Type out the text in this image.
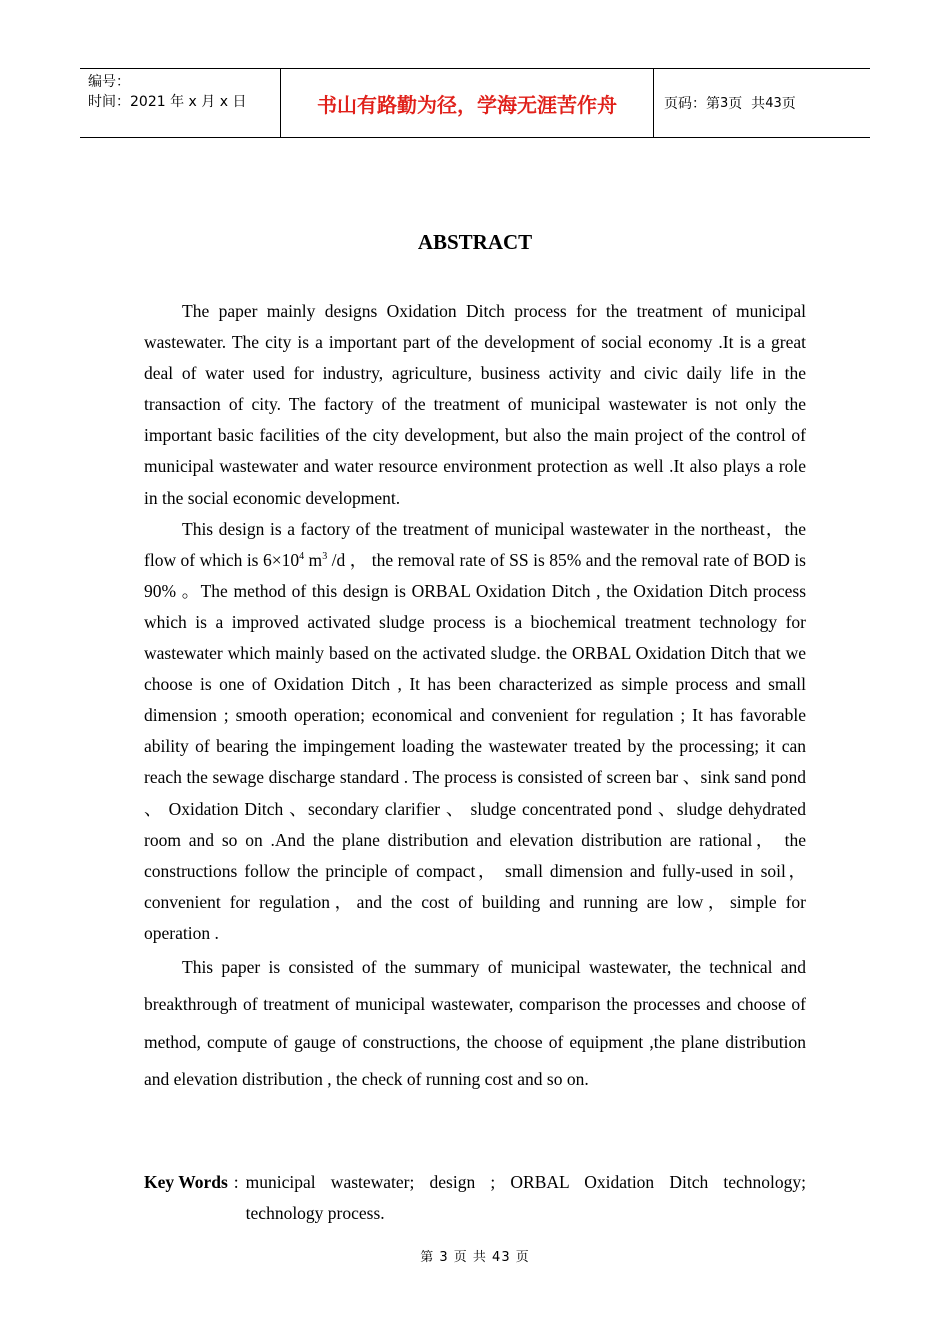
编号：
时间：2021 年 x 月 x 日	书山有路勤为径，学海无涯苦作舟	页码：第 3 页  共 43 页
ABSTRACT

The paper mainly designs Oxidation Ditch process for the treatment of municipal wastewater. The city is a important part of the development of social economy .It is a great deal of water used for industry, agriculture, business activity and civic daily life in the transaction of city. The factory of the treatment of municipal wastewater is not only the important basic facilities of the city development, but also the main project of the control of municipal wastewater and water resource environment protection as well .It also plays a role in the social economic development.

This design is a factory of the treatment of municipal wastewater in the northeast，the flow of which is $6\times 10^4$ $m^3$ /d ， the removal rate of SS is 85% and the removal rate of BOD is 90% 。The method of this design is ORBAL Oxidation Ditch , the Oxidation Ditch process which is a improved activated sludge process is a biochemical treatment technology for wastewater which mainly based on the activated sludge. the ORBAL Oxidation Ditch that we choose is one of Oxidation Ditch , It has been characterized as simple process and small dimension ; smooth operation; economical and convenient for regulation ; It has favorable ability of bearing the impingement loading the wastewater treated by the processing; it can reach the sewage discharge standard . The process is consisted of screen bar 、sink sand pond 、 Oxidation Ditch 、secondary clarifier 、 sludge concentrated pond 、sludge dehydrated room and so on .And the plane distribution and elevation distribution are rational， the constructions follow the principle of compact， small dimension and fully-used in soil， convenient for regulation，and the cost of building and running are low，simple for operation .

This paper is consisted of the summary of municipal wastewater, the technical and breakthrough of treatment of municipal wastewater, comparison the processes and choose of method, compute of gauge of constructions, the choose of equipment ,the plane distribution and elevation distribution , the check of running cost and so on.

Key Words : municipal wastewater; design ; ORBAL Oxidation Ditch technology; technology process.
第 3 页 共 43 页
